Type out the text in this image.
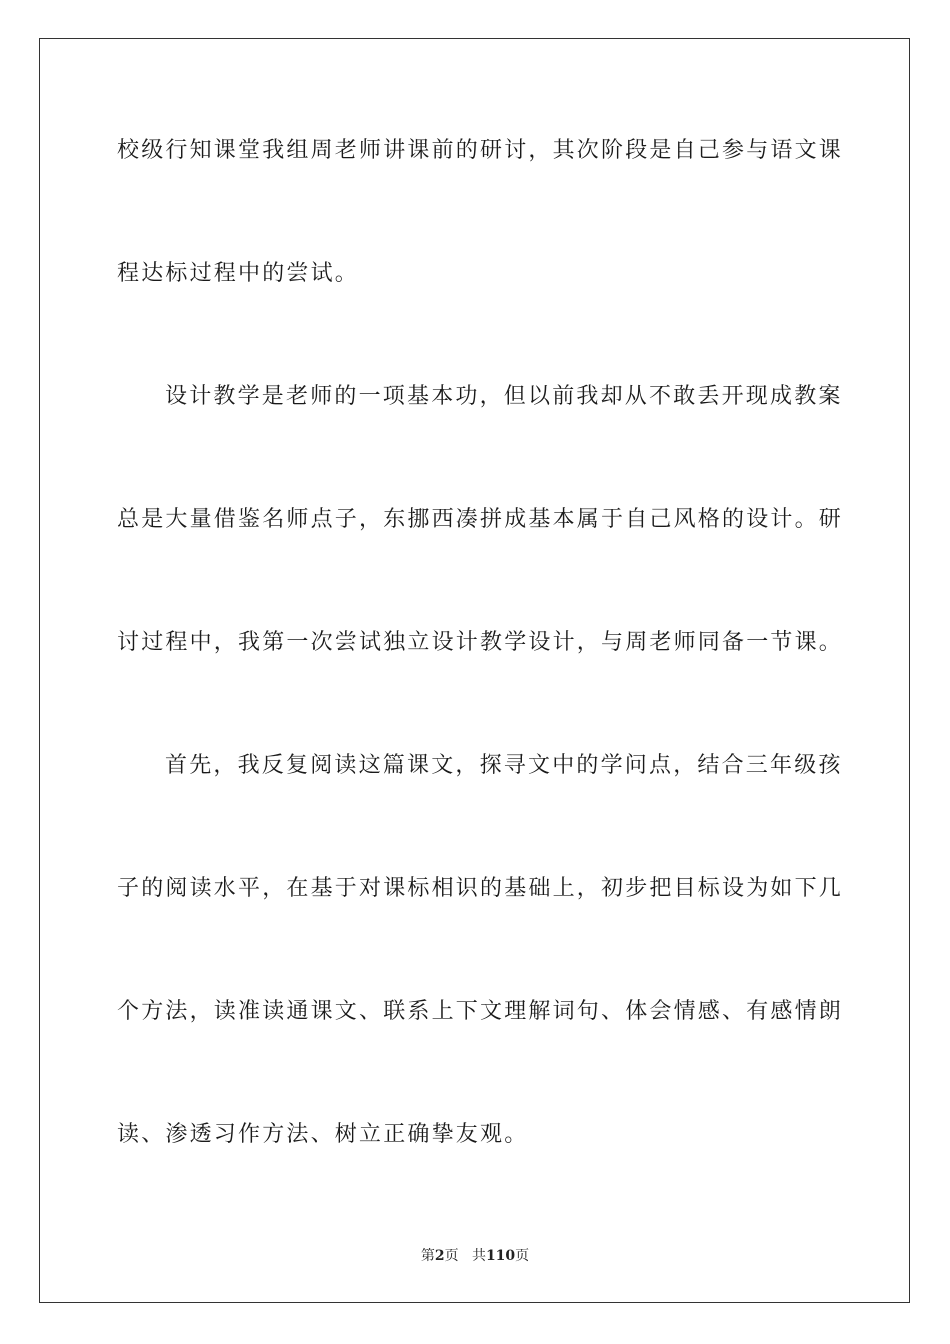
校级行知课堂我组周老师讲课前的研讨，其次阶段是自己参与语文课
程达标过程中的尝试。
设计教学是老师的一项基本功，但以前我却从不敢丢开现成教案
总是大量借鉴名师点子，东挪西凑拼成基本属于自己风格的设计。研
讨过程中，我第一次尝试独立设计教学设计，与周老师同备一节课。
首先，我反复阅读这篇课文，探寻文中的学问点，结合三年级孩
子的阅读水平，在基于对课标相识的基础上，初步把目标设为如下几
个方法，读准读通课文、联系上下文理解词句、体会情感、有感情朗
读、渗透习作方法、树立正确挚友观。
第2页 共110页
